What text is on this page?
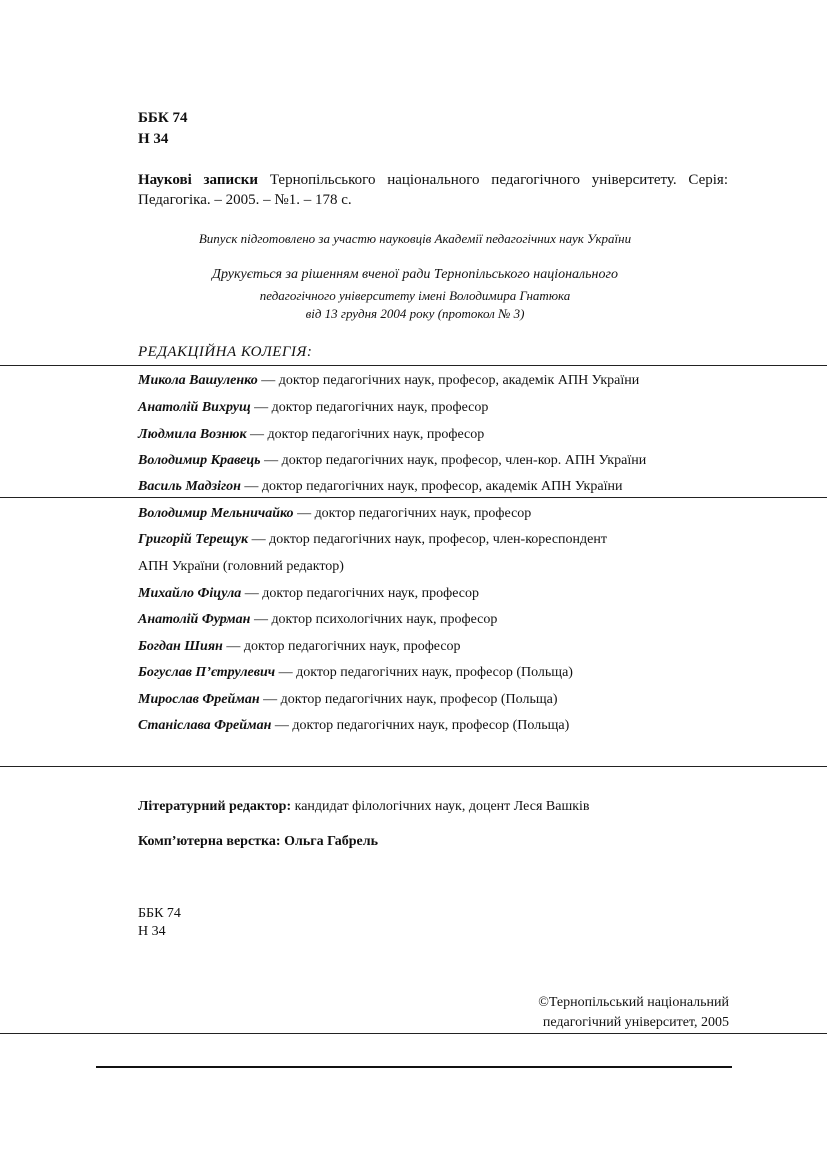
ББК 74
Н 34
Наукові записки Тернопільського національного педагогічного університету. Серія: Педагогіка. – 2005. – №1. – 178 с.
Випуск підготовлено за участю науковців Академії педагогічних наук України
Друкується за рішенням вченої ради Тернопільського національного
педагогічного університету імені Володимира Гнатюка
від 13 грудня 2004 року (протокол № 3)
РЕДАКЦІЙНА КОЛЕГІЯ:
Микола Вашуленко — доктор педагогічних наук, професор, академік АПН України
Анатолій Вихрущ — доктор педагогічних наук, професор
Людмила Вознюк — доктор педагогічних наук, професор
Володимир Кравець — доктор педагогічних наук, професор, член-кор. АПН України
Василь Мадзігон — доктор педагогічних наук, професор, академік АПН України
Володимир Мельничайко — доктор педагогічних наук, професор
Григорій Терещук — доктор педагогічних наук, професор, член-кореспондент
АПН України (головний редактор)
Михайло Фіцула — доктор педагогічних наук, професор
Анатолій Фурман — доктор психологічних наук, професор
Богдан Шиян — доктор педагогічних наук, професор
Богуслав П’єтрулевич — доктор педагогічних наук, професор (Польща)
Мирослав Фрейман — доктор педагогічних наук, професор (Польща)
Станіслава Фрейман — доктор педагогічних наук, професор (Польща)
Літературний редактор: кандидат філологічних наук, доцент Леся Вашків
Комп’ютерна верстка: Ольга Габрель
ББК 74
Н 34
©Тернопільський національний
педагогічний університет, 2005
